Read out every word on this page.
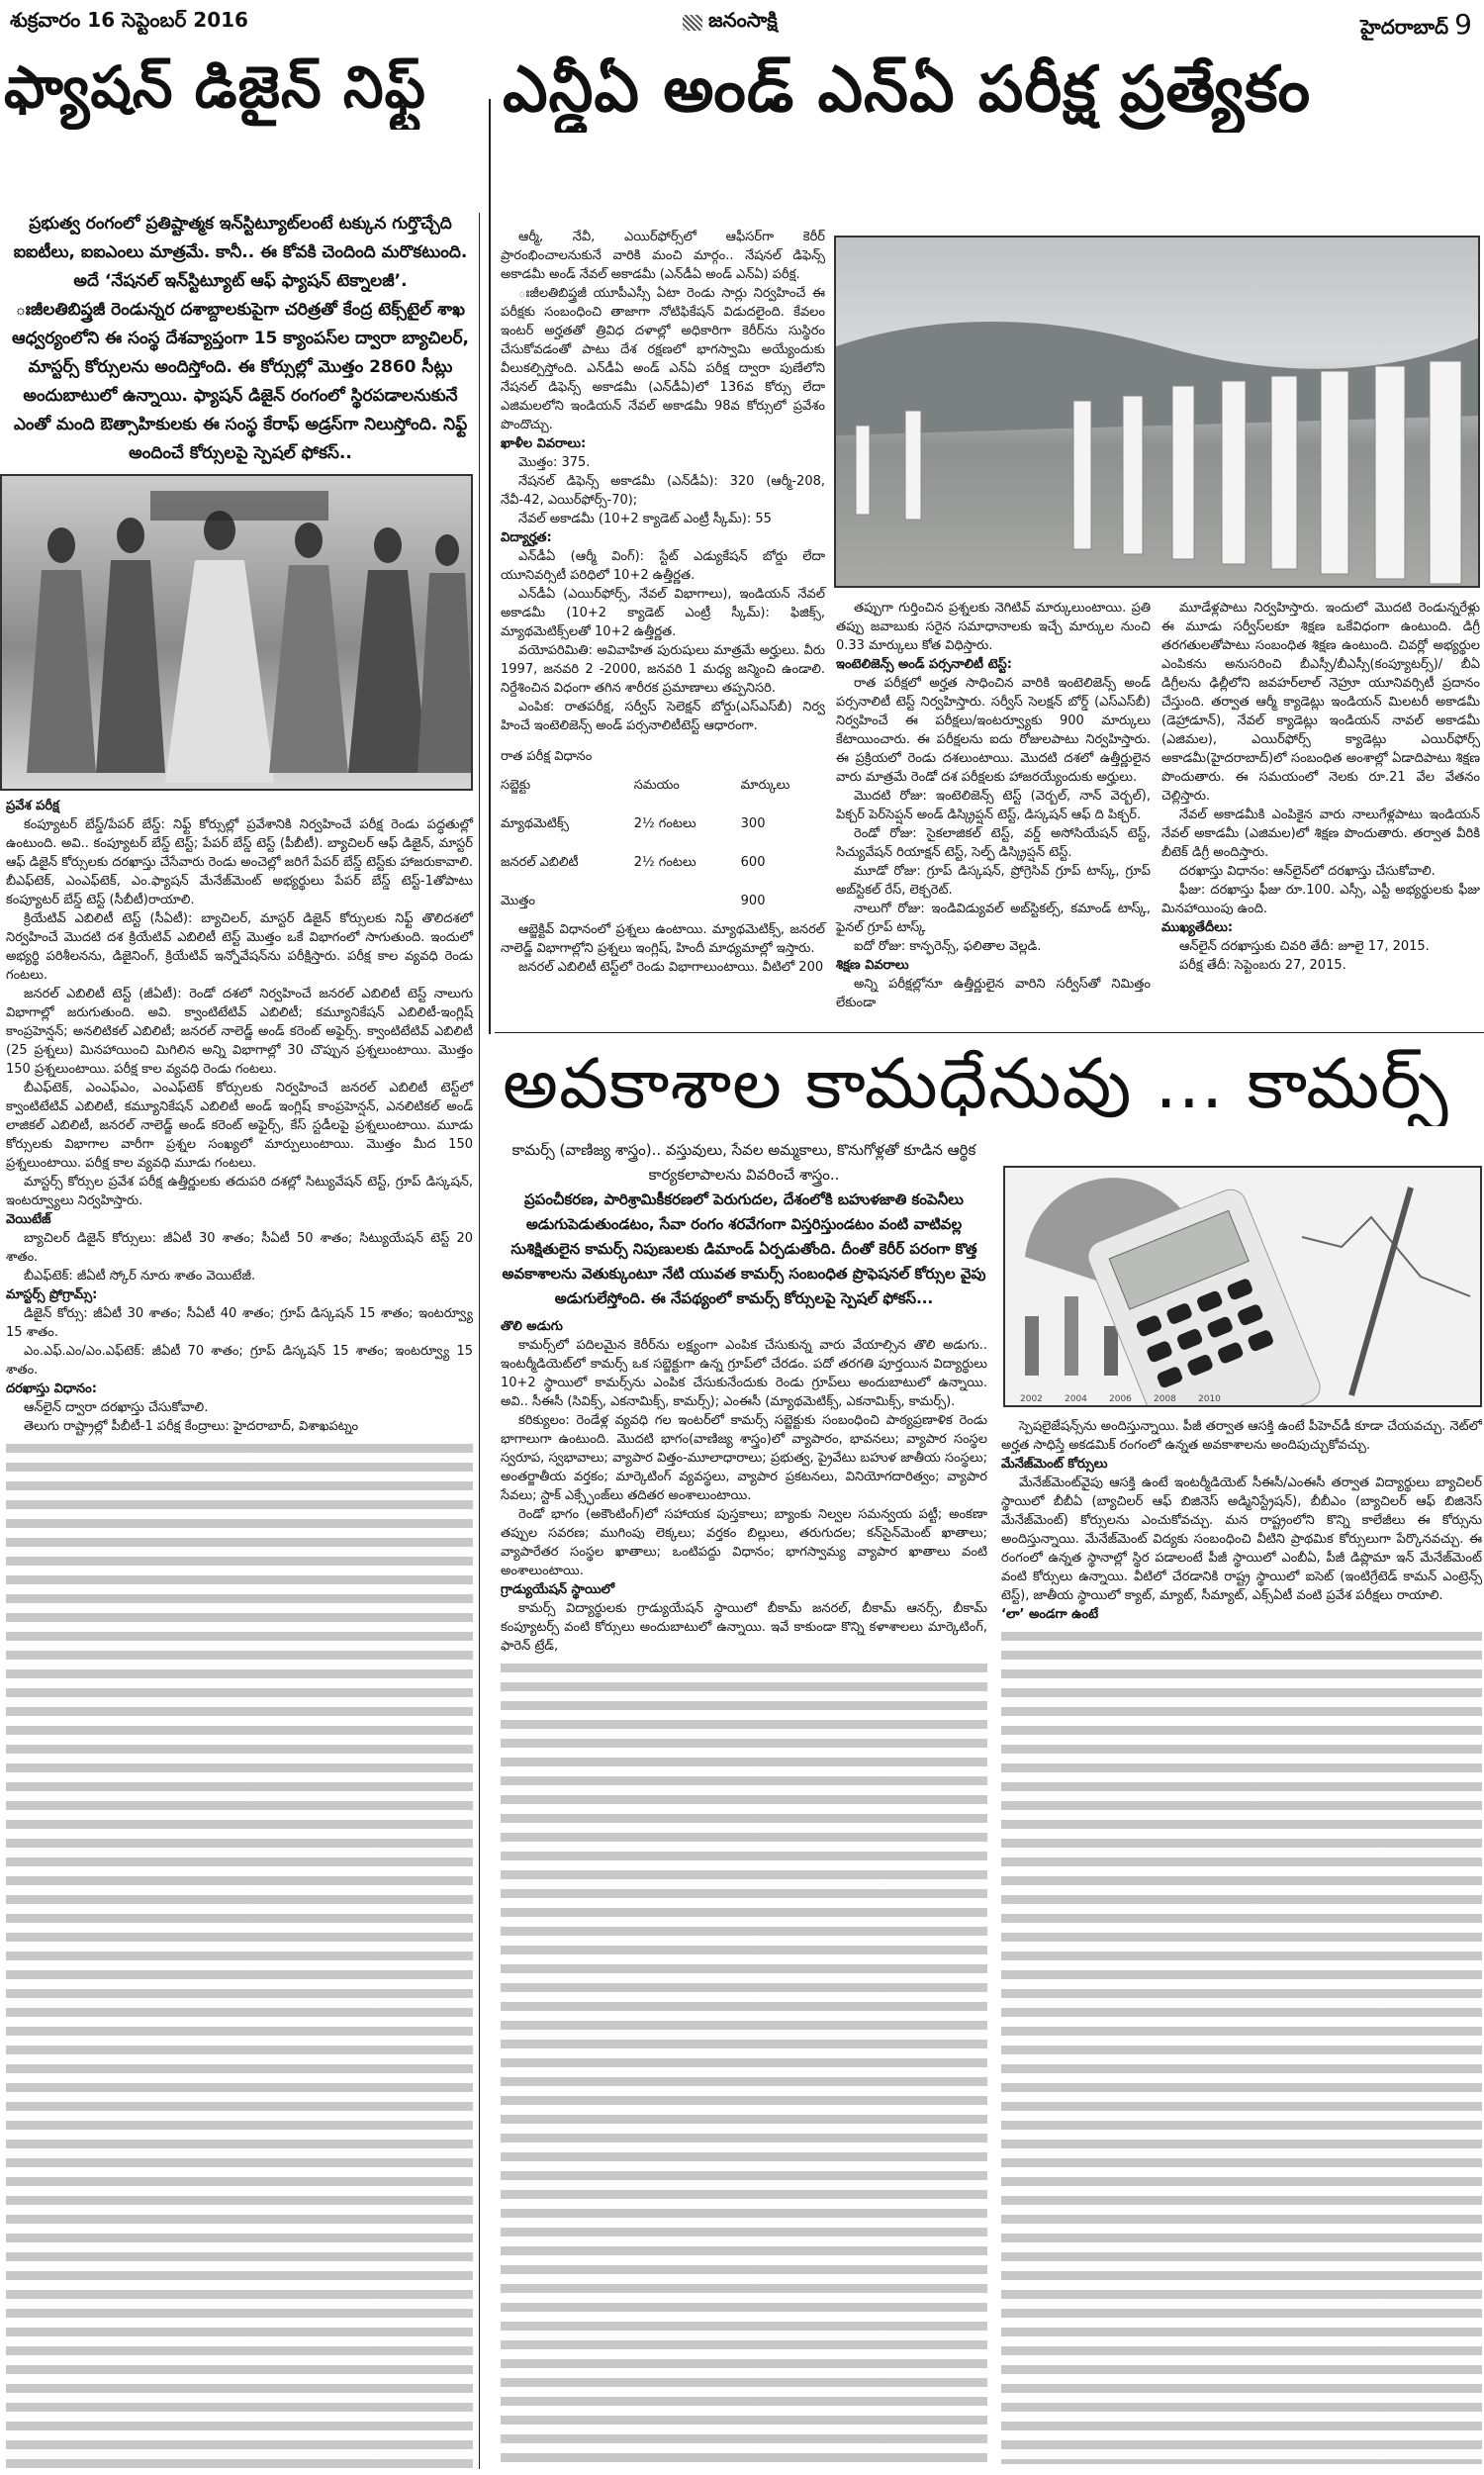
శుక్రవారం 16 సెప్టెంబర్ 2016	జనంసాక్షి	హైదరాబాద్ 9
ఫ్యాషన్ డిజైన్ నిఫ్ట్
ప్రభుత్వ రంగంలో ప్రతిష్టాత్మక ఇన్‌స్టిట్యూట్‌లంటే టక్కున గుర్తొచ్చేది ఐఐటీలు, ఐఐఎంలు మాత్రమే. కానీ.. ఈ కోవకి చెందింది మరొకటుంది. అదే ‘నేషనల్ ఇన్‌స్టిట్యూట్ ఆఫ్ ఫ్యాషన్ టెక్నాలజీ’.
ఃజీలతిబిప్త్రజీ రెండున్నర దశాబ్దాలకుపైగా చరిత్రతో కేంద్ర టెక్స్‌టైల్ శాఖ ఆధ్వర్యంలోని ఈ సంస్థ దేశవ్యాప్తంగా 15 క్యాంపస్‌ల ద్వారా బ్యాచిలర్, మాస్టర్స్ కోర్సులను అందిస్తోంది. ఈ కోర్సుల్లో మొత్తం 2860 సీట్లు అందుబాటులో ఉన్నాయి. ఫ్యాషన్ డిజైన్ రంగంలో స్థిరపడాలనుకునే ఎంతో మంది ఔత్సాహికులకు ఈ సంస్థ కేరాఫ్ అడ్రస్‌గా నిలుస్తోంది. నిఫ్ట్ అందించే కోర్సులపై స్పెషల్ ఫోకస్..

ప్రవేశ పరీక్ష

కంప్యూటర్ బేస్డ్/పేపర్ బేస్డ్: నిఫ్ట్ కోర్సుల్లో ప్రవేశానికి నిర్వహించే పరీక్ష రెండు పద్ధతుల్లో ఉంటుంది. అవి.. కంప్యూటర్ బేస్డ్ టెస్ట్; పేపర్ బేస్డ్ టెస్ట్ (పీబీటీ). బ్యాచిలర్ ఆఫ్ డిజైన్, మాస్టర్ ఆఫ్ డిజైన్ కోర్సులకు దరఖాస్తు చేసేవారు రెండు అంచెల్లో జరిగే పేపర్ బేస్డ్ టెస్ట్‌కు హాజరుకావాలి. బీఎఫ్‌టెక్, ఎంఎఫ్‌టెక్, ఎం.ఫ్యాషన్ మేనేజ్‌మెంట్ అభ్యర్థులు పేపర్ బేస్డ్ టెస్ట్-1తోపాటు కంప్యూటర్ బేస్డ్ టెస్ట్ (సీబీటీ)రాయాలి.

క్రియేటివ్ ఎబిలిటీ టెస్ట్ (సీఏటీ): బ్యాచిలర్, మాస్టర్ డిజైన్ కోర్సులకు నిఫ్ట్ తొలిదశలో నిర్వహించే మొదటి దశ క్రియేటివ్ ఎబిలిటీ టెస్ట్ మొత్తం ఒకే విభాగంలో సాగుతుంది. ఇందులో అభ్యర్థి పరిశీలనను, డిజైనింగ్, క్రియేటివ్ ఇన్నోవేషన్‌ను పరీక్షిస్తారు. పరీక్ష కాల వ్యవధి రెండు గంటలు.

జనరల్ ఎబిలిటీ టెస్ట్ (జీఏటీ): రెండో దశలో నిర్వహించే జనరల్ ఎబిలిటీ టెస్ట్ నాలుగు విభాగాల్లో జరుగుతుంది. అవి. క్వాంటిటేటివ్ ఎబిలిటీ; కమ్యూనికేషన్ ఎబిలిటీ-ఇంగ్లిష్ కాంప్రహెన్షన్; అనలిటికల్ ఎబిలిటీ; జనరల్ నాలెడ్జ్ అండ్ కరెంట్ అఫైర్స్. క్వాంటిటేటివ్ ఎబిలిటీ (25 ప్రశ్నలు) మినహాయించి మిగిలిన అన్ని విభాగాల్లో 30 చొప్పున ప్రశ్నలుంటాయి. మొత్తం 150 ప్రశ్నలుంటాయి. పరీక్ష కాల వ్యవధి రెండు గంటలు.

బీఎఫ్‌టెక్, ఎంఎఫ్ఎం, ఎంఎఫ్‌టెక్ కోర్సులకు నిర్వహించే జనరల్ ఎబిలిటీ టెస్ట్‌లో క్వాంటిటేటివ్ ఎబిలిటీ, కమ్యూనికేషన్ ఎబిలిటీ అండ్ ఇంగ్లిష్ కాంప్రహెన్షన్, ఎనలిటికల్ అండ్ లాజికల్ ఎబిలిటీ, జనరల్ నాలెడ్జ్ అండ్ కరెంట్ అఫైర్స్, కేస్ స్టడీలపై ప్రశ్నలుంటాయి. మూడు కోర్సులకు విభాగాల వారీగా ప్రశ్నల సంఖ్యలో మార్పులుంటాయి. మొత్తం మీద 150 ప్రశ్నలుంటాయి. పరీక్ష కాల వ్యవధి మూడు గంటలు.

మాస్టర్స్ కోర్సుల ప్రవేశ పరీక్ష ఉత్తీర్ణులకు తదుపరి దశల్లో సిట్యువేషన్ టెస్ట్, గ్రూప్ డిస్కషన్, ఇంటర్వ్యూలు నిర్వహిస్తారు.

వెయిటేజ్

బ్యాచిలర్ డిజైన్ కోర్సులు: జీఏటీ 30 శాతం; సీఏటీ 50 శాతం; సిట్యుయేషన్ టెస్ట్ 20 శాతం.

బీఎఫ్‌టెక్: జీఏటీ స్కోర్ నూరు శాతం వెయిటేజీ.

మాస్టర్స్ ప్రోగ్రామ్స్:

డిజైన్ కోర్సు: జీఏటీ 30 శాతం; సీఏటీ 40 శాతం; గ్రూప్ డిస్కషన్ 15 శాతం; ఇంటర్వ్యూ 15 శాతం.

ఎం.ఎఫ్.ఎం/ఎం.ఎఫ్‌టెక్: జీఏటీ 70 శాతం; గ్రూప్ డిస్కషన్ 15 శాతం; ఇంటర్వ్యూ 15 శాతం.

దరఖాస్తు విధానం:

ఆన్‌లైన్ ద్వారా దరఖాస్తు చేసుకోవాలి.

తెలుగు రాష్ట్రాల్లో పీబీటీ-1 పరీక్ష కేంద్రాలు: హైదరాబాద్, విశాఖపట్నం

ఎన్డీఏ అండ్ ఎన్ఏ పరీక్ష ప్రత్యేకం

ఆర్మీ, నేవీ, ఎయిర్‌ఫోర్స్‌లో ఆఫీసర్‌గా కెరీర్ ప్రారంభించాలనుకునే వారికి మంచి మార్గం.. నేషనల్ డిఫెన్స్ అకాడమీ అండ్ నేవల్ అకాడమీ (ఎన్‌డీఏ అండ్ ఎన్ఏ) పరీక్ష.

ఃజీలతిబిప్త్రజీ యూపీఎస్సీ ఏటా రెండు సార్లు నిర్వహించే ఈ పరీక్షకు సంబంధించి తాజాగా నోటిఫికేషన్ విడుదలైంది. కేవలం ఇంటర్ అర్హతతో త్రివిధ దళాల్లో అధికారిగా కెరీర్‌ను సుస్థిరం చేసుకోవడంతో పాటు దేశ రక్షణలో భాగస్వామి అయ్యేందుకు వీలుకల్పిస్తోంది. ఎన్‌డీఏ అండ్ ఎన్ఏ పరీక్ష ద్వారా పుణేలోని నేషనల్ డిఫెన్స్ అకాడమీ (ఎన్‌డీఏ)లో 136వ కోర్సు లేదా ఎజిమలలోని ఇండియన్ నేవల్ అకాడమీ 98వ కోర్సులో ప్రవేశం పొందొచ్చు.

ఖాళీల వివరాలు:

మొత్తం: 375.

నేషనల్ డిఫెన్స్ అకాడమీ (ఎన్‌డీఏ): 320 (ఆర్మీ-208, నేవీ-42, ఎయిర్‌ఫోర్స్-70);

నేవల్ అకాడమీ (10+2 క్యాడెట్ ఎంట్రీ స్కీమ్): 55

విద్యార్హత:

ఎన్‌డీఏ (ఆర్మీ వింగ్): స్టేట్ ఎడ్యుకేషన్ బోర్డు లేదా యూనివర్సిటీ పరిధిలో 10+2 ఉత్తీర్ణత.

ఎన్‌డీఏ (ఎయిర్‌ఫోర్స్, నేవల్ విభాగాలు), ఇండియన్ నేవల్ అకాడమీ (10+2 క్యాడెట్ ఎంట్రీ స్కీమ్): ఫిజిక్స్, మ్యాథమెటిక్స్‌లతో 10+2 ఉత్తీర్ణత.

వయోపరిమితి: అవివాహిత పురుషులు మాత్రమే అర్హులు. వీరు 1997, జనవరి 2 -2000, జనవరి 1 మధ్య జన్మించి ఉండాలి. నిర్దేశించిన విధంగా తగిన శారీరక ప్రమాణాలు తప్పనిసరి.

ఎంపిక: రాతపరీక్ష, సర్వీస్ సెలెక్షన్ బోర్డు(ఎస్ఎస్‌బీ) నిర్వ హించే ఇంటెలిజెన్స్ అండ్ పర్సనాలిటీటెస్ట్ ఆధారంగా.

రాత పరీక్ష విధానం
సబ్జెక్టు	సమయం	మార్కులు
మ్యాథమెటిక్స్	2½ గంటలు	300
జనరల్ ఎబిలిటీ	2½ గంటలు	600
మొత్తం		900

ఆబ్జెక్టివ్ విధానంలో ప్రశ్నలు ఉంటాయి. మ్యాథమెటిక్స్, జనరల్ నాలెడ్జ్ విభాగాల్లోని ప్రశ్నలు ఇంగ్లిష్, హిందీ మాధ్యమాల్లో ఇస్తారు.

జనరల్ ఎబిలిటీ టెస్ట్‌లో రెండు విభాగాలుంటాయి. వీటిలో 200

తప్పుగా గుర్తించిన ప్రశ్నలకు నెగిటివ్ మార్కులుంటాయి. ప్రతి తప్పు జవాబుకు సరైన సమాధానాలకు ఇచ్చే మార్కుల నుంచి 0.33 మార్కులు కోత విధిస్తారు.

ఇంటెలిజెన్స్ అండ్ పర్సనాలిటీ టెస్ట్:

రాత పరీక్షలో అర్హత సాధించిన వారికి ఇంటెలిజెన్స్ అండ్ పర్సనాలిటీ టెస్ట్ నిర్వహిస్తారు. సర్వీస్ సెలక్షన్ బోర్డ్ (ఎస్ఎస్‌బీ) నిర్వహించే ఈ పరీక్షలు/ఇంటర్వ్యూకు 900 మార్కులు కేటాయించారు. ఈ పరీక్షలను ఐదు రోజులపాటు నిర్వహిస్తారు. ఈ ప్రక్రియలో రెండు దశలుంటాయి. మొదటి దశలో ఉత్తీర్ణులైన వారు మాత్రమే రెండో దశ పరీక్షలకు హాజరయ్యేందుకు అర్హులు.

మొదటి రోజు: ఇంటెలిజెన్స్ టెస్ట్ (వెర్బల్, నాన్ వెర్బల్), పిక్చర్ పెర్‌సెప్షన్ అండ్ డిస్క్రిప్షన్ టెస్ట్, డిస్కషన్ ఆఫ్ ది పిక్చర్.

రెండో రోజు: సైకలాజికల్ టెస్ట్, వర్డ్ అసోసియేషన్ టెస్ట్, సిచ్యువేషన్ రియాక్షన్ టెస్ట్, సెల్ఫ్ డిస్క్రిప్షన్ టెస్ట్.

మూడో రోజు: గ్రూప్ డిస్కషన్, ప్రోగ్రెసివ్ గ్రూప్ టాస్క్, గ్రూప్ అబ్‌స్టికల్ రేస్, లెక్చరెట్.

నాలుగో రోజు: ఇండివిడ్యువల్ అబ్‌స్టికల్స్, కమాండ్ టాస్క్, ఫైనల్ గ్రూప్ టాస్క్

ఐదో రోజు: కాన్ఫరెన్స్, ఫలితాల వెల్లడి.

శిక్షణ వివరాలు

అన్ని పరీక్షల్లోనూ ఉత్తీర్ణులైన వారిని సర్వీస్‌తో నిమిత్తం లేకుండా

మూడేళ్లపాటు నిర్వహిస్తారు. ఇందులో మొదటి రెండున్నరేళ్లు ఈ మూడు సర్వీస్‌లకూ శిక్షణ ఒకేవిధంగా ఉంటుంది. డిగ్రీ తరగతులతోపాటు సంబంధిత శిక్షణ ఉంటుంది. చివర్లో అభ్యర్థుల ఎంపికను అనుసరించి బీఎస్సీ/బీఎస్సీ(కంప్యూటర్స్)/ బీఏ డిగ్రీలను ఢిల్లీలోని జవహర్‌లాల్ నెహ్రూ యూనివర్సిటీ ప్రదానం చేస్తుంది. తర్వాత ఆర్మీ క్యాడెట్లు ఇండియన్ మిలటరీ అకాడమీ (డెహ్రాడూన్), నేవల్ క్యాడెట్లు ఇండియన్ నావల్ అకాడమీ (ఎజిమల), ఎయిర్‌ఫోర్స్ క్యాడెట్లు ఎయిర్‌ఫోర్స్ అకాడమీ(హైదరాబాద్)లో సంబంధిత అంశాల్లో ఏడాదిపాటు శిక్షణ పొందుతారు. ఈ సమయంలో నెలకు రూ.21 వేల వేతనం చెల్లిస్తారు.

నేవల్ అకాడమీకి ఎంపికైన వారు నాలుగేళ్లపాటు ఇండియన్ నేవల్ అకాడమీ (ఎజిమల)లో శిక్షణ పొందుతారు. తర్వాత వీరికి బీటెక్ డిగ్రీ అందిస్తారు.

దరఖాస్తు విధానం: ఆన్‌లైన్‌లో దరఖాస్తు చేసుకోవాలి.

ఫీజు: దరఖాస్తు ఫీజు రూ.100. ఎస్సీ, ఎస్టీ అభ్యర్థులకు ఫీజు మినహాయింపు ఉంది.

ముఖ్యతేదీలు:

ఆన్‌లైన్ దరఖాస్తుకు చివరి తేదీ: జూలై 17, 2015.

పరీక్ష తేదీ: సెప్టెంబరు 27, 2015.

అవకాశాల కామధేనువు ... కామర్స్
కామర్స్ (వాణిజ్య శాస్త్రం).. వస్తువులు, సేవల అమ్మకాలు, కొనుగోళ్లతో కూడిన ఆర్థిక కార్యకలాపాలను వివరించే శాస్త్రం..
ప్రపంచీకరణ, పారిశ్రామికీకరణలో పెరుగుదల, దేశంలోకి బహుళజాతి కంపెనీలు అడుగుపెడుతుండటం, సేవా రంగం శరవేగంగా విస్తరిస్తుండటం వంటి వాటివల్ల సుశిక్షితులైన కామర్స్ నిపుణులకు డిమాండ్ ఏర్పడుతోంది. దీంతో కెరీర్ పరంగా కొత్త అవకాశాలను వెతుక్కుంటూ నేటి యువత కామర్స్ సంబంధిత ప్రొఫెషనల్ కోర్సుల వైపు అడుగులేస్తోంది. ఈ నేపథ్యంలో కామర్స్ కోర్సులపై స్పెషల్ ఫోకస్...

తొలి అడుగు

కామర్స్‌లో పదిలమైన కెరీర్‌ను లక్ష్యంగా ఎంపిక చేసుకున్న వారు వేయాల్సిన తొలి అడుగు.. ఇంటర్మీడియెట్‌లో కామర్స్ ఒక సబ్జెక్టుగా ఉన్న గ్రూప్‌లో చేరడం. పదో తరగతి పూర్తయిన విద్యార్థులు 10+2 స్థాయిలో కామర్స్‌ను ఎంపిక చేసుకునేందుకు రెండు గ్రూప్‌లు అందుబాటులో ఉన్నాయి. అవి.. సీఈసీ (సివిక్స్, ఎకనామిక్స్, కామర్స్); ఎంఈసీ (మ్యాథమెటిక్స్, ఎకనామిక్స్, కామర్స్).

కరిక్యులం: రెండేళ్ల వ్యవధి గల ఇంటర్‌లో కామర్స్ సబ్జెక్టుకు సంబంధించి పాఠ్యప్రణాళిక రెండు భాగాలుగా ఉంటుంది. మొదటి భాగం(వాణిజ్య శాస్త్రం)లో వ్యాపారం, భావనలు; వ్యాపార సంస్థల స్వరూప, స్వభావాలు; వ్యాపార విత్తం-మూలాధారాలు; ప్రభుత్వ, ప్రైవేటు బహుళ జాతీయ సంస్థలు; అంతర్జాతీయ వర్తకం; మార్కెటింగ్ వ్యవస్థలు, వ్యాపార ప్రకటనలు, వినియోగదారిత్వం; వ్యాపార సేవలు; స్టాక్ ఎక్స్ఛేంజ్‌లు తదితర అంశాలుంటాయి.

రెండో భాగం (అకౌంటింగ్)లో సహాయక పుస్తకాలు; బ్యాంకు నిల్వల సమన్వయ పట్టీ; అంకణా తప్పుల సవరణ; ముగింపు లెక్కలు; వర్తకం బిల్లులు, తరుగుదల; కన్‌సైన్‌మెంట్ ఖాతాలు; వ్యాపారేతర సంస్థల ఖాతాలు; ఒంటిపద్దు విధానం; భాగస్వామ్య వ్యాపార ఖాతాలు వంటి అంశాలుంటాయి.

గ్రాడ్యుయేషన్ స్థాయిలో

కామర్స్ విద్యార్థులకు గ్రాడ్యుయేషన్ స్థాయిలో బీకామ్ జనరల్, బీకామ్ ఆనర్స్, బీకామ్ కంప్యూటర్స్ వంటి కోర్సులు అందుబాటులో ఉన్నాయి. ఇవే కాకుండా కొన్ని కళాశాలలు మార్కెటింగ్, ఫారెన్ ట్రేడ్,

2002 2004 2006 2008 2010

స్పెషలైజేషన్స్‌ను అందిస్తున్నాయి. పీజీ తర్వాత ఆసక్తి ఉంటే పీహెచ్‌డీ కూడా చేయవచ్చు. నెట్‌లో అర్హత సాధిస్తే అకడమిక్ రంగంలో ఉన్నత అవకాశాలను అందిపుచ్చుకోవచ్చు.

మేనేజ్‌మెంట్ కోర్సులు

మేనేజ్‌మెంట్‌వైపు ఆసక్తి ఉంటే ఇంటర్మీడియెట్ సీఈసీ/ఎంఈసీ తర్వాత విద్యార్థులు బ్యాచిలర్ స్థాయిలో బీబీఏ (బ్యాచిలర్ ఆఫ్ బిజినెస్ అడ్మినిస్ట్రేషన్), బీబీఎం (బ్యాచిలర్ ఆఫ్ బిజినెస్ మేనేజ్‌మెంట్) కోర్సులను ఎంచుకోవచ్చు. మన రాష్ట్రంలోని కొన్ని కాలేజీలు ఈ కోర్సును అందిస్తున్నాయి. మేనేజ్‌మెంట్ విద్యకు సంబంధించి వీటిని ప్రాథమిక కోర్సులుగా పేర్కొనవచ్చు. ఈ రంగంలో ఉన్నత స్థానాల్లో స్థిర పడాలంటే పీజీ స్థాయిలో ఎంబీఏ, పీజీ డిప్లొమా ఇన్ మేనేజ్‌మెంట్ వంటి కోర్సులు ఉన్నాయి. వీటిలో చేరడానికి రాష్ట్ర స్థాయిలో ఐసెట్ (ఇంటిగ్రేటెడ్ కామన్ ఎంట్రెన్స్ టెస్ట్), జాతీయ స్థాయిలో క్యాట్, మ్యాట్, సీమ్యాట్, ఎక్స్‌ఏటీ వంటి ప్రవేశ పరీక్షలు రాయాలి.

‘లా’ అండగా ఉంటే
